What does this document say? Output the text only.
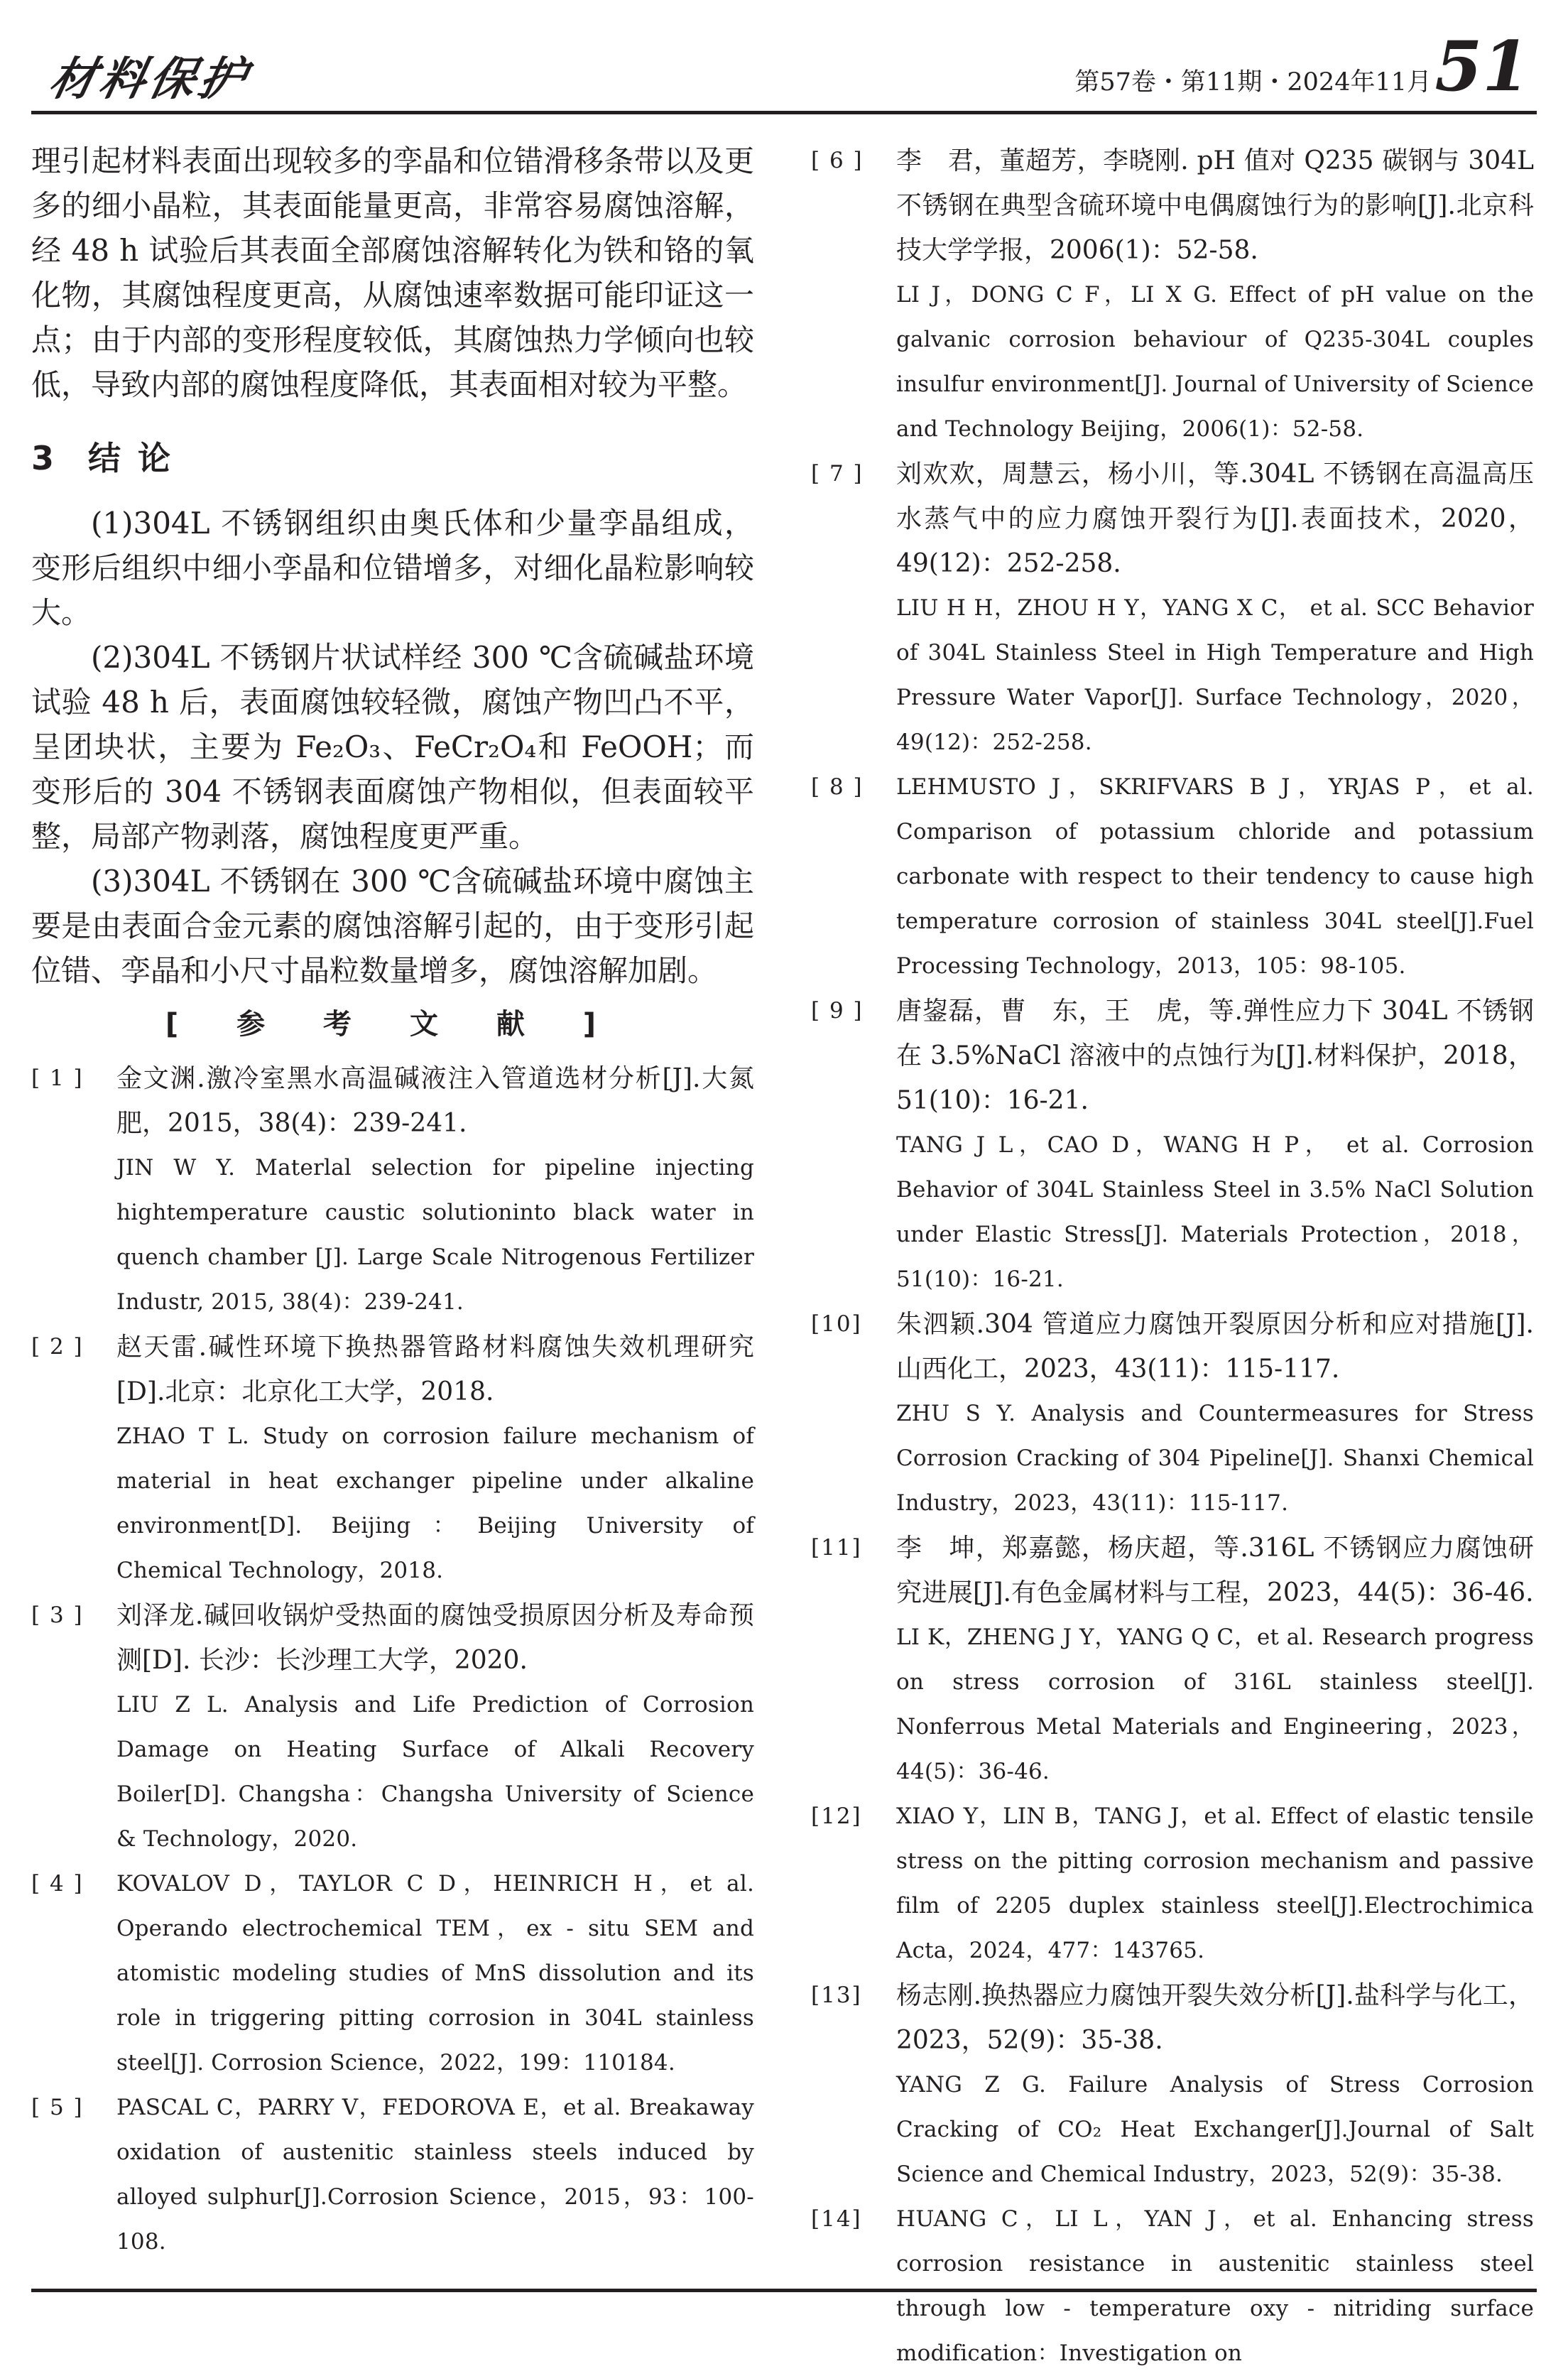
材料保护	第57卷・第11期・2024年11月 51

理引起材料表面出现较多的孪晶和位错滑移条带以及更多的细小晶粒，其表面能量更高，非常容易腐蚀溶解，经 48 h 试验后其表面全部腐蚀溶解转化为铁和铬的氧化物，其腐蚀程度更高，从腐蚀速率数据可能印证这一点；由于内部的变形程度较低，其腐蚀热力学倾向也较低，导致内部的腐蚀程度降低，其表面相对较为平整。

3 结 论

(1)304L 不锈钢组织由奥氏体和少量孪晶组成，变形后组织中细小孪晶和位错增多，对细化晶粒影响较大。

(2)304L 不锈钢片状试样经 300 ℃含硫碱盐环境试验 48 h 后，表面腐蚀较轻微，腐蚀产物凹凸不平，呈团块状，主要为 Fe₂O₃、FeCr₂O₄和 FeOOH；而变形后的 304 不锈钢表面腐蚀产物相似，但表面较平整，局部产物剥落，腐蚀程度更严重。

(3)304L 不锈钢在 300 ℃含硫碱盐环境中腐蚀主要是由表面合金元素的腐蚀溶解引起的，由于变形引起位错、孪晶和小尺寸晶粒数量增多，腐蚀溶解加剧。

[ 参 考 文 献 ]
[ 1 ] 金文渊.激冷室黑水高温碱液注入管道选材分析[J].大氮肥，2015，38(4)：239-241.
JIN W Y. Materlal selection for pipeline injecting hightemperature caustic solutioninto black water in quench chamber [J]. Large Scale Nitrogenous Fertilizer Industr, 2015, 38(4)：239-241.
[ 2 ] 赵天雷.碱性环境下换热器管路材料腐蚀失效机理研究[D].北京：北京化工大学，2018.
ZHAO T L. Study on corrosion failure mechanism of material in heat exchanger pipeline under alkaline environment[D]. Beijing：Beijing University of Chemical Technology，2018.
[ 3 ] 刘泽龙.碱回收锅炉受热面的腐蚀受损原因分析及寿命预测[D]. 长沙：长沙理工大学，2020.
LIU Z L. Analysis and Life Prediction of Corrosion Damage on Heating Surface of Alkali Recovery Boiler[D]. Changsha：Changsha University of Science & Technology，2020.
[ 4 ] KOVALOV D，TAYLOR C D，HEINRICH H，et al. Operando electrochemical TEM，ex - situ SEM and atomistic modeling studies of MnS dissolution and its role in triggering pitting corrosion in 304L stainless steel[J]. Corrosion Science，2022，199：110184.
[ 5 ] PASCAL C，PARRY V，FEDOROVA E，et al. Breakaway oxidation of austenitic stainless steels induced by alloyed sulphur[J].Corrosion Science，2015，93：100-108.
[ 6 ] 李　君，董超芳，李晓刚. pH 值对 Q235 碳钢与 304L 不锈钢在典型含硫环境中电偶腐蚀行为的影响[J].北京科技大学学报，2006(1)：52-58.
LI J，DONG C F，LI X G. Effect of pH value on the galvanic corrosion behaviour of Q235-304L couples insulfur environment[J]. Journal of University of Science and Technology Beijing，2006(1)：52-58.
[ 7 ] 刘欢欢，周慧云，杨小川，等.304L 不锈钢在高温高压水蒸气中的应力腐蚀开裂行为[J].表面技术，2020，49(12)：252-258.
LIU H H，ZHOU H Y，YANG X C， et al. SCC Behavior of 304L Stainless Steel in High Temperature and High Pressure Water Vapor[J]. Surface Technology，2020，49(12)：252-258.
[ 8 ] LEHMUSTO J，SKRIFVARS B J，YRJAS P，et al. Comparison of potassium chloride and potassium carbonate with respect to their tendency to cause high temperature corrosion of stainless 304L steel[J].Fuel Processing Technology，2013，105：98-105.
[ 9 ] 唐鋆磊，曹　东，王　虎，等.弹性应力下 304L 不锈钢在 3.5%NaCl 溶液中的点蚀行为[J].材料保护，2018，51(10)：16-21.
TANG J L，CAO D，WANG H P， et al. Corrosion Behavior of 304L Stainless Steel in 3.5% NaCl Solution under Elastic Stress[J]. Materials Protection，2018，51(10)：16-21.
[10] 朱泗颖.304 管道应力腐蚀开裂原因分析和应对措施[J].山西化工，2023，43(11)：115-117.
ZHU S Y. Analysis and Countermeasures for Stress Corrosion Cracking of 304 Pipeline[J]. Shanxi Chemical Industry，2023，43(11)：115-117.
[11] 李　坤，郑嘉懿，杨庆超，等.316L 不锈钢应力腐蚀研究进展[J].有色金属材料与工程，2023，44(5)：36-46.
LI K，ZHENG J Y，YANG Q C，et al. Research progress on stress corrosion of 316L stainless steel[J]. Nonferrous Metal Materials and Engineering，2023，44(5)：36-46.
[12] XIAO Y，LIN B，TANG J，et al. Effect of elastic tensile stress on the pitting corrosion mechanism and passive film of 2205 duplex stainless steel[J].Electrochimica Acta，2024，477：143765.
[13] 杨志刚.换热器应力腐蚀开裂失效分析[J].盐科学与化工，2023，52(9)：35-38.
YANG Z G. Failure Analysis of Stress Corrosion Cracking of CO₂ Heat Exchanger[J].Journal of Salt Science and Chemical Industry，2023，52(9)：35-38.
[14] HUANG C，LI L，YAN J，et al. Enhancing stress corrosion resistance in austenitic stainless steel through low - temperature oxy - nitriding surface modification：Investigation on
